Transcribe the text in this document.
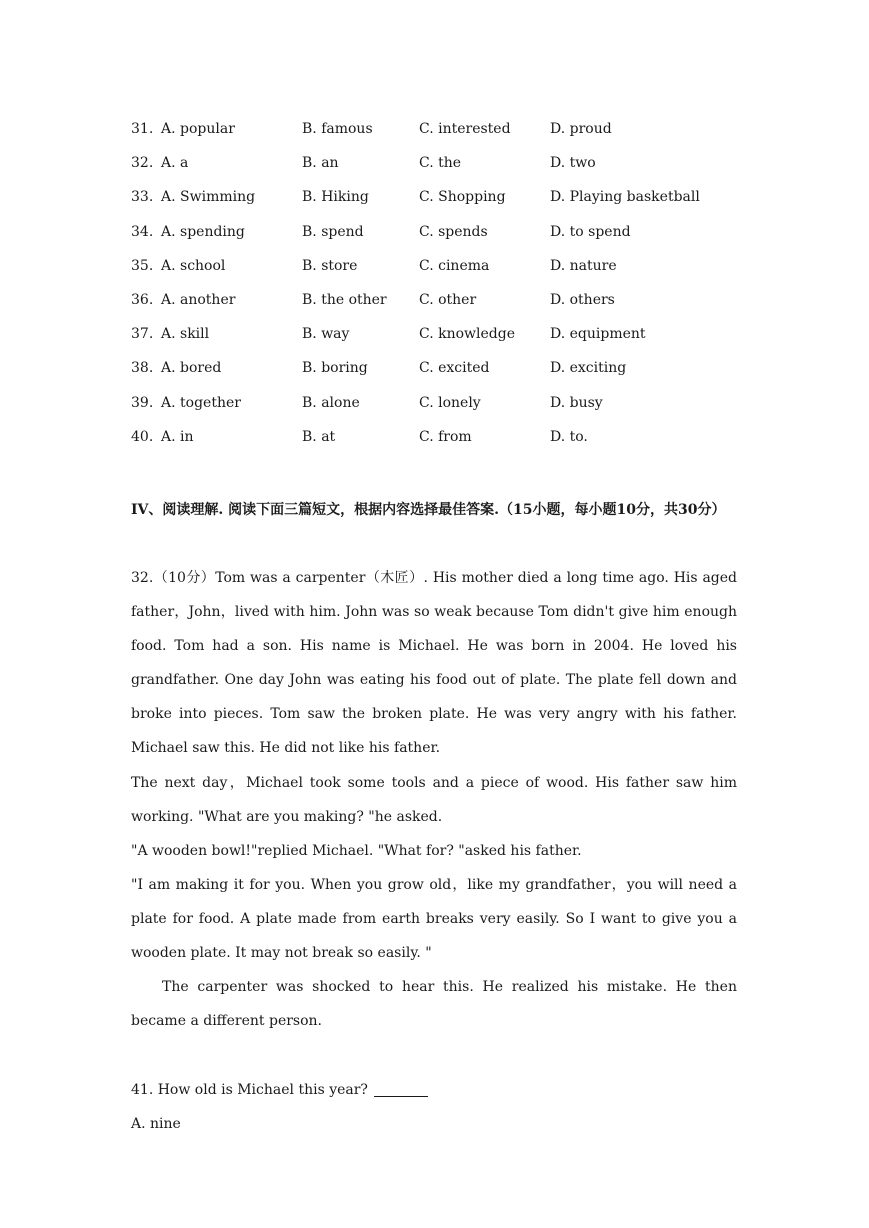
31. A. popular	B. famous	C. interested	D. proud
32. A. a	B. an	C. the	D. two
33. A. Swimming	B. Hiking	C. Shopping	D. Playing basketball
34. A. spending	B. spend	C. spends	D. to spend
35. A. school	B. store	C. cinema	D. nature
36. A. another	B. the other C. other	D. others
37. A. skill	B. way	C. knowledge	D. equipment
38. A. bored	B. boring	C. excited	D. exciting
39. A. together	B. alone	C. lonely	D. busy
40. A. in	B. at	C. from	D. to.
IV、阅读理解. 阅读下面三篇短文，根据内容选择最佳答案.（15小题，每小题10分，共30分）

32.（10分）Tom was a carpenter（木匠）. His mother died a long time ago. His aged father，John，lived with him. John was so weak because Tom didn't give him enough food. Tom had a son. His name is Michael. He was born in 2004. He loved his grandfather. One day John was eating his food out of plate. The plate fell down and broke into pieces. Tom saw the broken plate. He was very angry with his father. Michael saw this. He did not like his father.

The next day，Michael took some tools and a piece of wood. His father saw him working. "What are you making? "he asked.

"A wooden bowl!"replied Michael. "What for? "asked his father.

"I am making it for you. When you grow old，like my grandfather，you will need a plate for food. A plate made from earth breaks very easily. So I want to give you a wooden plate. It may not break so easily. "

The carpenter was shocked to hear this. He realized his mistake. He then became a different person.

41. How old is Michael this year?

A. nine
